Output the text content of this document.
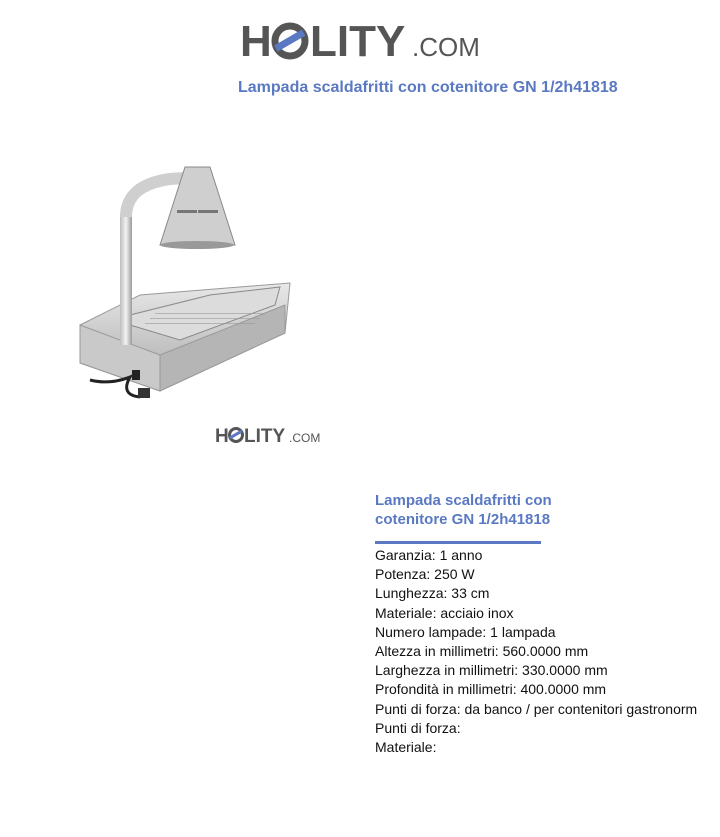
H LITY .COM
Lampada scaldafritti con cotenitore GN 1/2h41818
H LITY .COM
Lampada scaldafritti con cotenitore GN 1/2h41818
Garanzia: 1 anno
Potenza: 250 W
Lunghezza: 33 cm
Materiale: acciaio inox
Numero lampade: 1 lampada
Altezza in millimetri: 560.0000 mm
Larghezza in millimetri: 330.0000 mm
Profondità in millimetri: 400.0000 mm
Punti di forza: da banco / per contenitori gastronorm
Punti di forza:
Materiale:
